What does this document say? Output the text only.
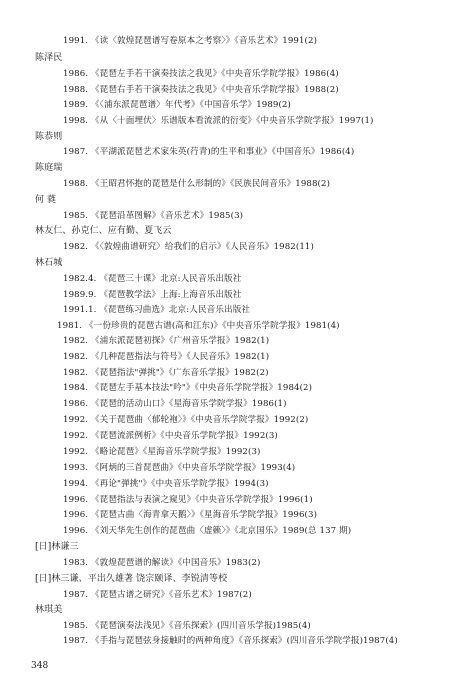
1991. 《读〈敦煌琵琶谱写卷原本之考察〉》《音乐艺术》1991(2)
陈泽民
1986. 《琵琶左手若干演奏技法之我见》《中央音乐学院学报》1986(4)
1988. 《琵琶右手若干演奏技法之我见》《中央音乐学院学报》1988(2)
1989. 《〈浦东派琵琶谱〉年代考》《中国音乐学》1989(2)
1998. 《从〈十面埋伏〉乐谱版本看流派的衍变》《中央音乐学院学报》1997(1)
陈恭则
1987. 《平湖派琵琶艺术家朱英(荇青)的生平和事业》《中国音乐》1986(4)
陈庭瑞
1988. 《王昭君怀抱的琵琶是什么形制的》《民族民间音乐》1988(2)
何 蕤
1985. 《琵琶沿革图解》《音乐艺术》1985(3)
林友仁、孙克仁、应有勤、夏飞云
1982. 《〈敦煌曲谱研究〉给我们的启示》《人民音乐》1982(11)
林石城
1982.4. 《琵琶三十课》北京:人民音乐出版社
1989.9. 《琵琶教学法》上海:上海音乐出版社
1991.1. 《琵琶练习曲选》北京:人民音乐出版社
1981. 《一份珍贵的琵琶古谱(高和江东)》《中央音乐学院学报》1981(4)
1982. 《浦东派琵琶初探》《广州音乐学报》1982(1)
1982. 《几种琵琶指法与符号》《人民音乐》1982(1)
1982. 《琵琶指法"弹挑"》《广东音乐学报》1982(2)
1984. 《琵琶左手基本技法"吟"》《中央音乐学院学报》1984(2)
1986. 《琵琶的活动山口》《星海音乐学院学报》1986(1)
1992. 《关于琵琶曲〈郁轮袍〉》《中央音乐学院学报》1992(2)
1992. 《琵琶流派例析》《中央音乐学院学报》1992(3)
1992. 《略论琵琶》《星海音乐学院学报》1992(3)
1993. 《阿炳的三首琵琶曲》《中央音乐学院学报》1993(4)
1994. 《再论"弹挑"》《中央音乐学院学报》1994(3)
1996. 《琵琶指法与表演之窥见》《中央音乐学院学报》1996(1)
1996. 《琵琶古曲〈海青拿天鹅〉》《星海音乐学院学报》1996(3)
1996. 《刘天华先生创作的琵琶曲〈虚籁〉》《北京国乐》1989(总 137 期)
[日]林谦三
1983. 《敦煌琵琶谱的解读》《中国音乐》1983(2)
[日]林三谦、平出久雄著 饶宗颐译、李锐清等校
1987. 《琵琶古谱之研究》《音乐艺术》1987(2)
林琪美
1985. 《琵琶演奏法浅见》《音乐探索》(四川音乐学报)1985(4)
1987. 《手指与琵琶弦身接触时的两种角度》《音乐探索》(四川音乐学院学报)1987(4)
348
